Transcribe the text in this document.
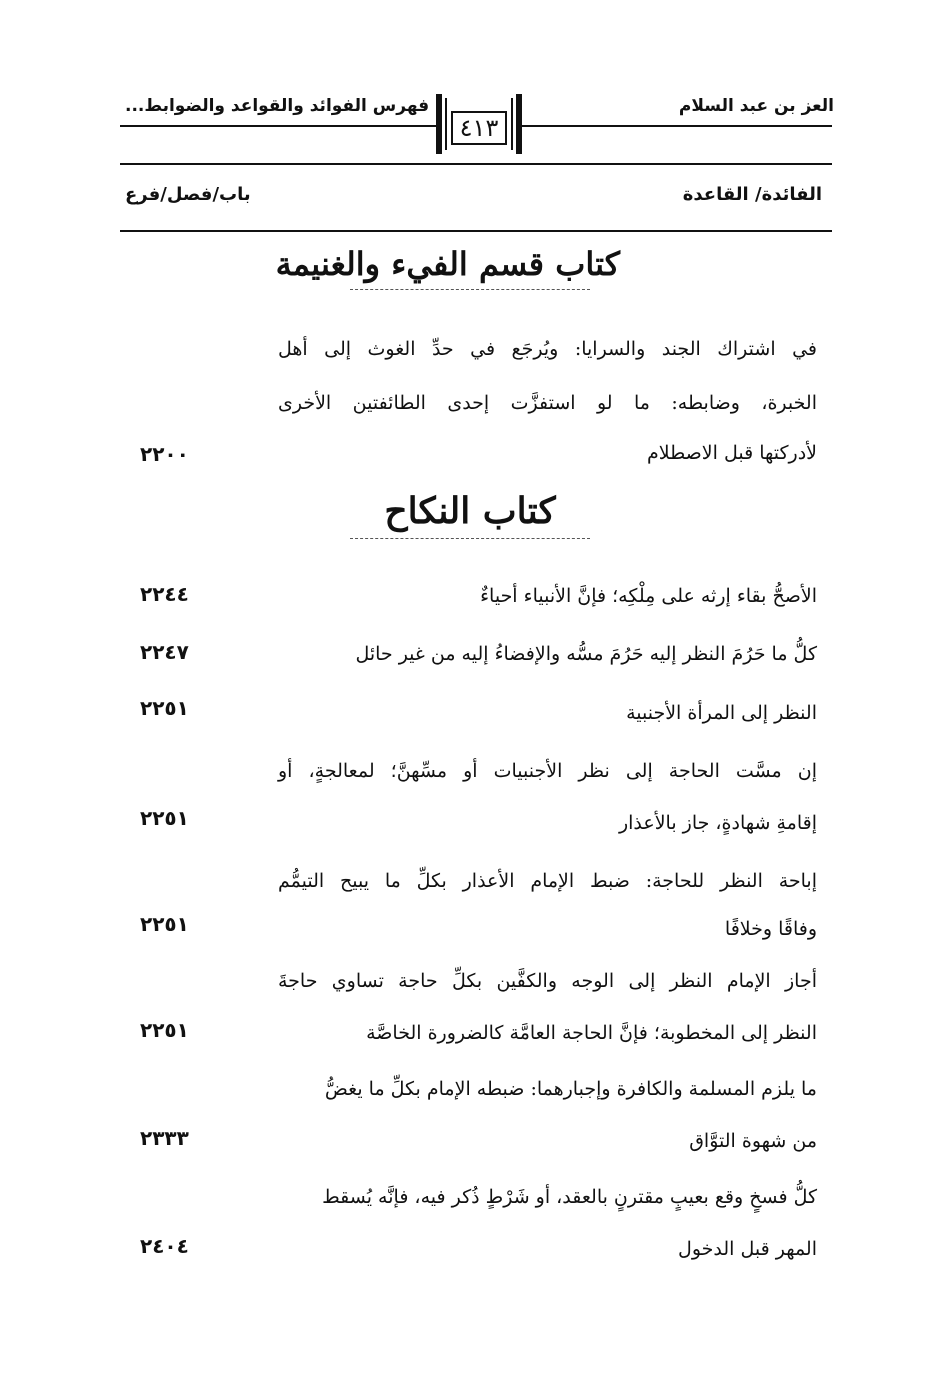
العز بن عبد السلام
فهرس الفوائد والقواعد والضوابط...
٤١٣
الفائدة/ القاعدة
باب/فصل/فرع
كتاب قسم الفيء والغنيمة
في اشتراك الجند والسرايا: ويُرجَع في حدِّ الغوث إلى أهل
الخبرة، وضابطه: ما لو استفزَّت إحدى الطائفتين الأخرى
لأدركتها قبل الاصطلام
٢٢٠٠
كتاب النكاح
الأصحُّ بقاء إرثه على مِلْكِه؛ فإنَّ الأنبياء أحياءٌ
٢٢٤٤
كلُّ ما حَرُمَ النظر إليه حَرُمَ مسُّه والإفضاءُ إليه من غير حائل
٢٢٤٧
النظر إلى المرأة الأجنبية
٢٢٥١
إن مسَّت الحاجة إلى نظر الأجنبيات أو مسِّهنَّ؛ لمعالجةٍ، أو
إقامةِ شهادةٍ، جاز بالأعذار
٢٢٥١
إباحة النظر للحاجة: ضبط الإمام الأعذار بكلِّ ما يبيح التيمُّم
وفاقًا وخلافًا
٢٢٥١
أجاز الإمام النظر إلى الوجه والكفَّين بكلِّ حاجة تساوي حاجةَ
النظر إلى المخطوبة؛ فإنَّ الحاجة العامَّة كالضرورة الخاصَّة
٢٢٥١
ما يلزم المسلمة والكافرة وإجبارهما: ضبطه الإمام بكلِّ ما يغضُّ
من شهوة التوَّاق
٢٣٣٣
كلُّ فسخٍ وقع بعيبٍ مقترنٍ بالعقد، أو شَرْطٍ ذُكر فيه، فإنَّه يُسقط
المهر قبل الدخول
٢٤٠٤
